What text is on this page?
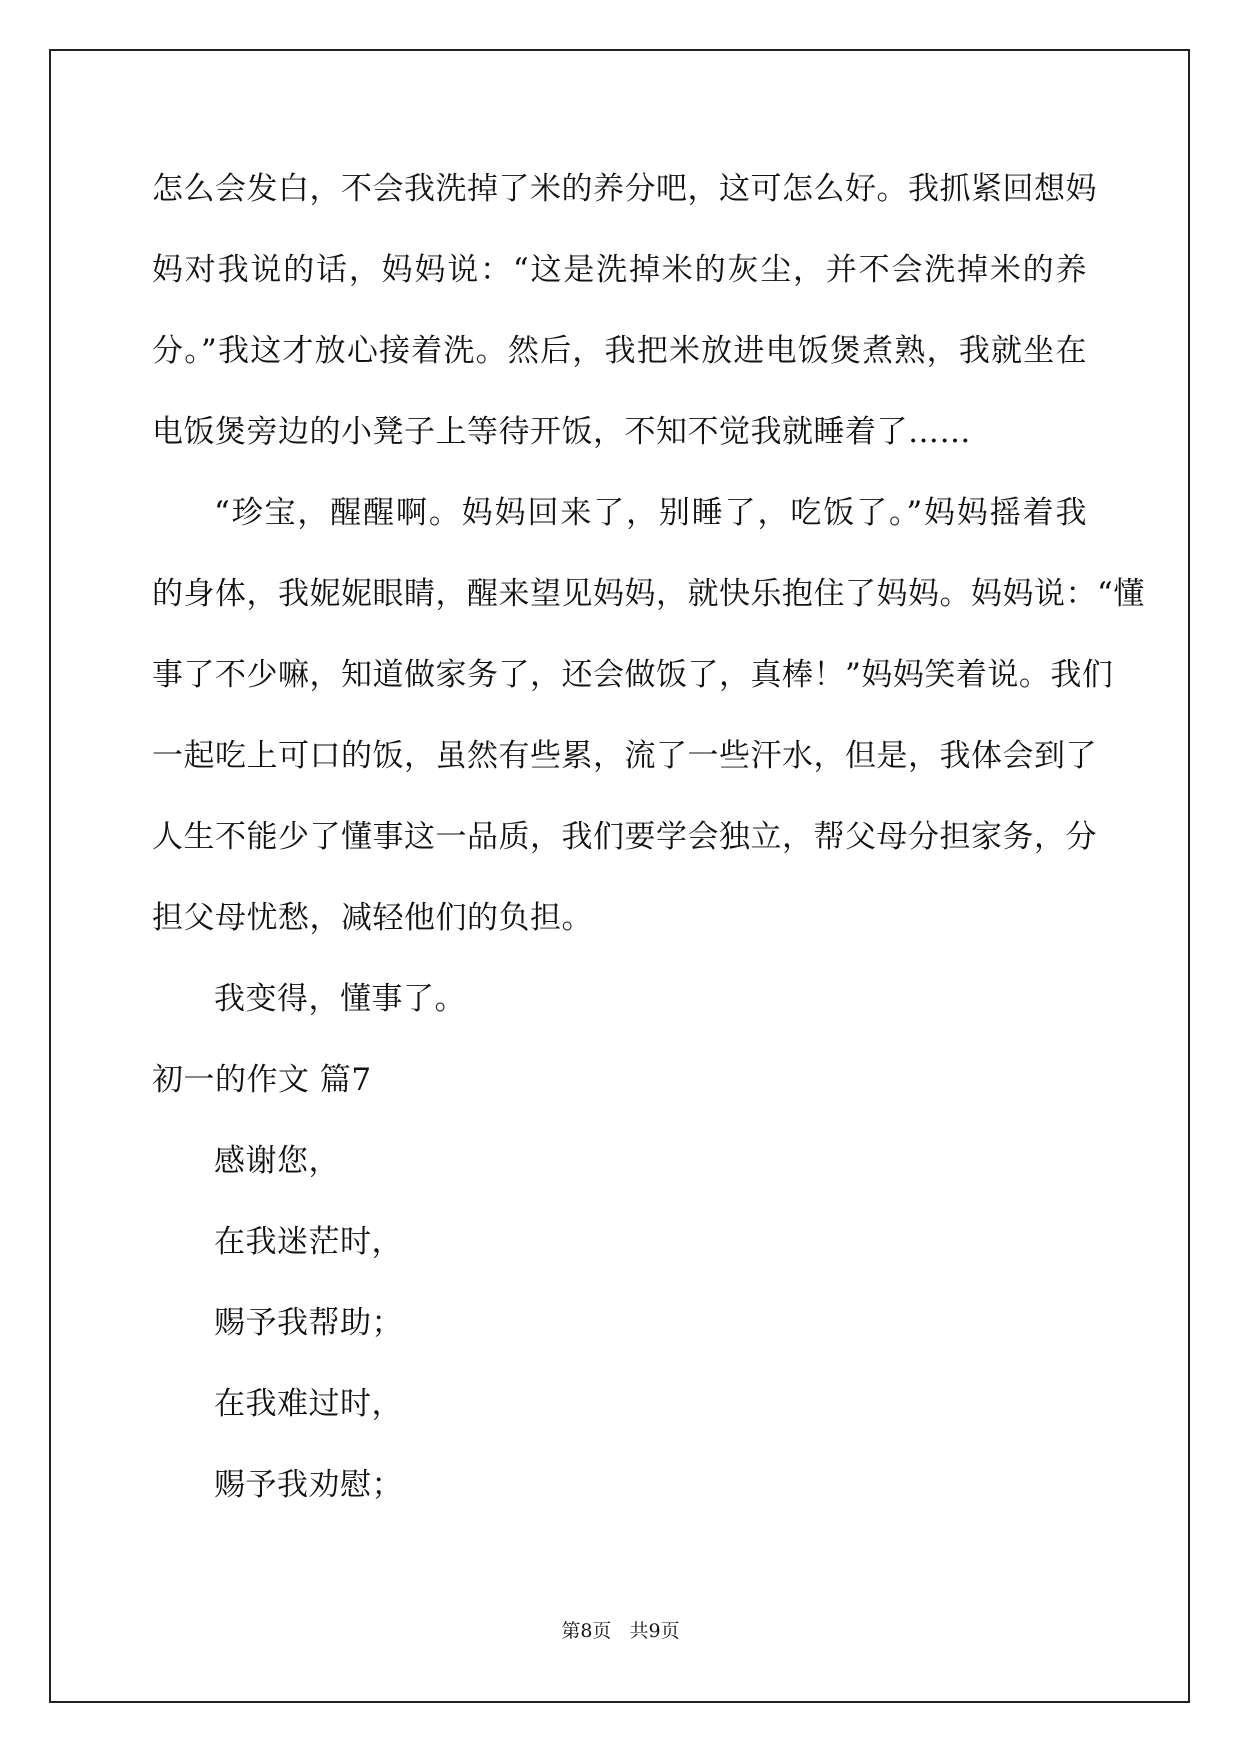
怎么会发白，不会我洗掉了米的养分吧，这可怎么好。我抓紧回想妈
妈对我说的话，妈妈说：“这是洗掉米的灰尘，并不会洗掉米的养
分。”我这才放心接着洗。然后，我把米放进电饭煲煮熟，我就坐在
电饭煲旁边的小凳子上等待开饭，不知不觉我就睡着了……
“珍宝，醒醒啊。妈妈回来了，别睡了，吃饭了。”妈妈摇着我
的身体，我妮妮眼睛，醒来望见妈妈，就快乐抱住了妈妈。妈妈说：“懂
事了不少嘛，知道做家务了，还会做饭了，真棒！”妈妈笑着说。我们
一起吃上可口的饭，虽然有些累，流了一些汗水，但是，我体会到了
人生不能少了懂事这一品质，我们要学会独立，帮父母分担家务，分
担父母忧愁，减轻他们的负担。
我变得，懂事了。
初一的作文 篇7
感谢您，
在我迷茫时，
赐予我帮助；
在我难过时，
赐予我劝慰；
第8页   共9页
